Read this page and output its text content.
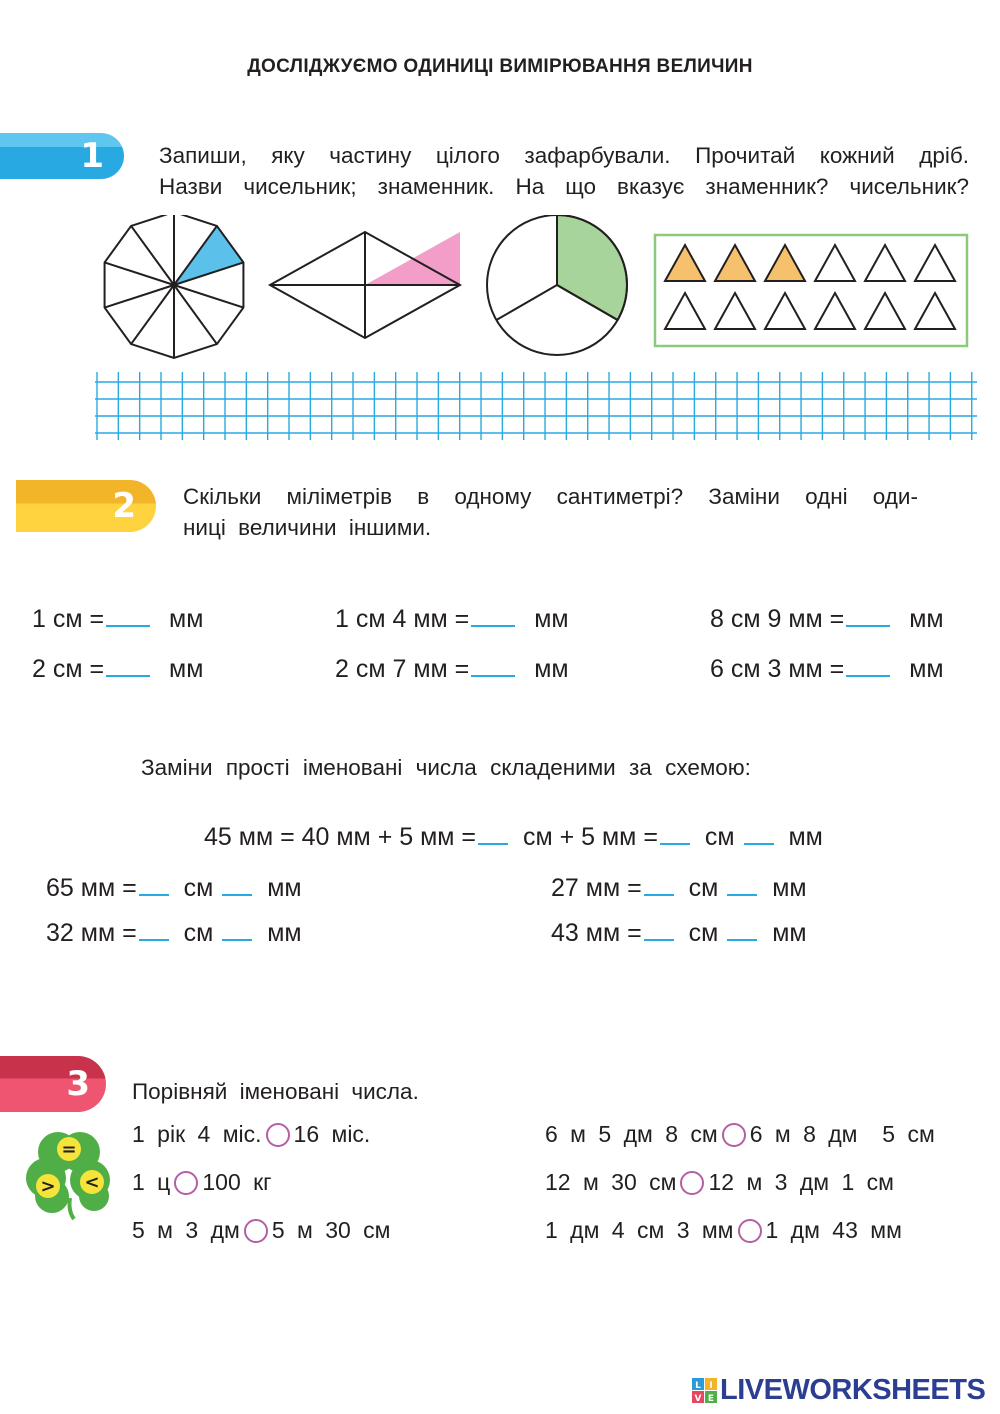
ДОСЛІДЖУЄМО ОДИНИЦІ ВИМІРЮВАННЯ ВЕЛИЧИН
1 Запиши, яку частину цілого зафарбували. Прочитай кожний дріб.
Назви чисельник; знаменник. На що вказує знаменник? чисельник?
2 Скільки міліметрів в одному сантиметрі? Заміни одні оди-
ниці величини іншими.
1 см =	мм	1 см 4 мм =	мм	8 см 9 мм =	мм
2 см =	мм	2 см 7 мм =	мм	6 см 3 мм =	мм
Заміни прості іменовані числа складеними за схемою:
45 мм = 40 мм + 5 мм = см + 5 мм = см мм
65 мм = см мм	27 мм = см мм
32 мм = см мм	43 мм = см мм
3 Порівняй іменовані числа.
=
> <
1 рік 4 міс. 16 міс.	6 м 5 дм 8 см 6 м 8 дм  5 см
1 ц 100 кг	12 м 30 см 12 м 3 дм 1 см
5 м 3 дм 5 м 30 см	1 дм 4 см 3 мм 1 дм 43 мм
L I
V E LIVEWORKSHEETS
